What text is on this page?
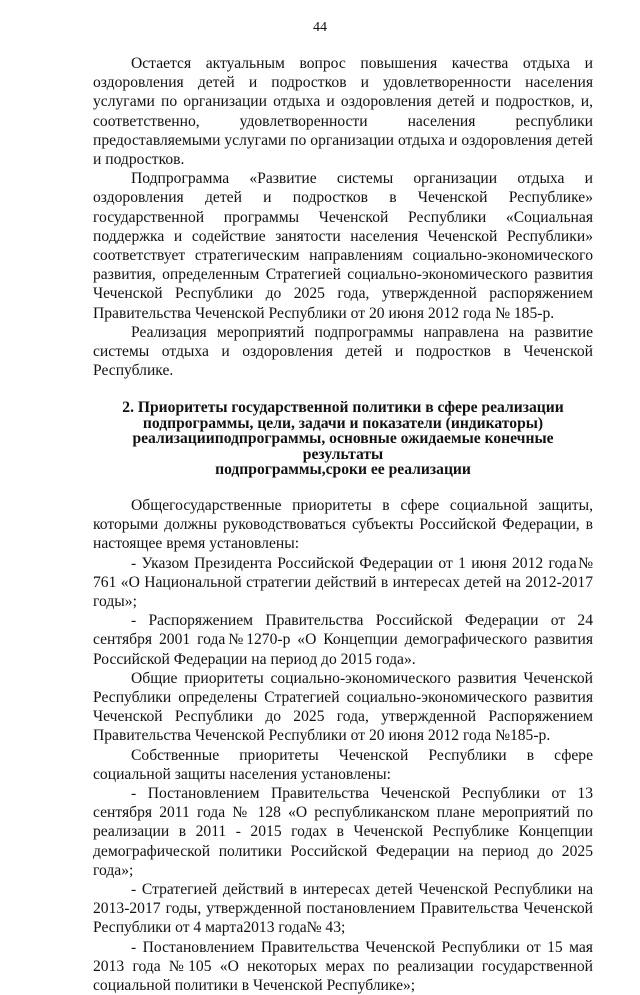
44

Остается актуальным вопрос повышения качества отдыха и оздоровления детей и подростков и удовлетворенности населения услугами по организации отдыха и оздоровления детей и подростков, и, соответственно, удовлетворенности населения республики предоставляемыми услугами по организации отдыха и оздоровления детей и подростков.

Подпрограмма «Развитие системы организации отдыха и оздоровления детей и подростков в Чеченской Республике» государственной программы Чеченской Республики «Социальная поддержка и содействие занятости населения Чеченской Республики» соответствует стратегическим направлениям социально-экономического развития, определенным Стратегией социально-экономического развития Чеченской Республики до 2025 года, утвержденной распоряжением Правительства Чеченской Республики от 20 июня 2012 года № 185-р.

Реализация мероприятий подпрограммы направлена на развитие системы отдыха и оздоровления детей и подростков в Чеченской Республике.

2. Приоритеты государственной политики в сфере реализации
подпрограммы, цели, задачи и показатели (индикаторы)
реализацииподпрограммы, основные ожидаемые конечные результаты
подпрограммы,сроки ее реализации

Общегосударственные приоритеты в сфере социальной защиты, которыми должны руководствоваться субъекты Российской Федерации, в настоящее время установлены:

- Указом Президента Российской Федерации от 1 июня 2012 года№ 761 «О Национальной стратегии действий в интересах детей на 2012-2017 годы»;

- Распоряжением Правительства Российской Федерации от 24 сентября 2001 года№1270-р «О Концепции демографического развития Российской Федерации на период до 2015 года».

Общие приоритеты социально-экономического развития Чеченской Республики определены Стратегией социально-экономического развития Чеченской Республики до 2025 года, утвержденной Распоряжением Правительства Чеченской Республики от 20 июня 2012 года №185-р.

Собственные приоритеты Чеченской Республики в сфере социальной защиты населения установлены:

- Постановлением Правительства Чеченской Республики от 13 сентября 2011 года № 128 «О республиканском плане мероприятий по реализации в 2011 - 2015 годах в Чеченской Республике Концепции демографической политики Российской Федерации на период до 2025 года»;

- Стратегией действий в интересах детей Чеченской Республики на 2013-2017 годы, утвержденной постановлением Правительства Чеченской Республики от 4 марта2013 года№ 43;

- Постановлением Правительства Чеченской Республики от 15 мая 2013 года №105 «О некоторых мерах по реализации государственной социальной политики в Чеченской Республике»;
